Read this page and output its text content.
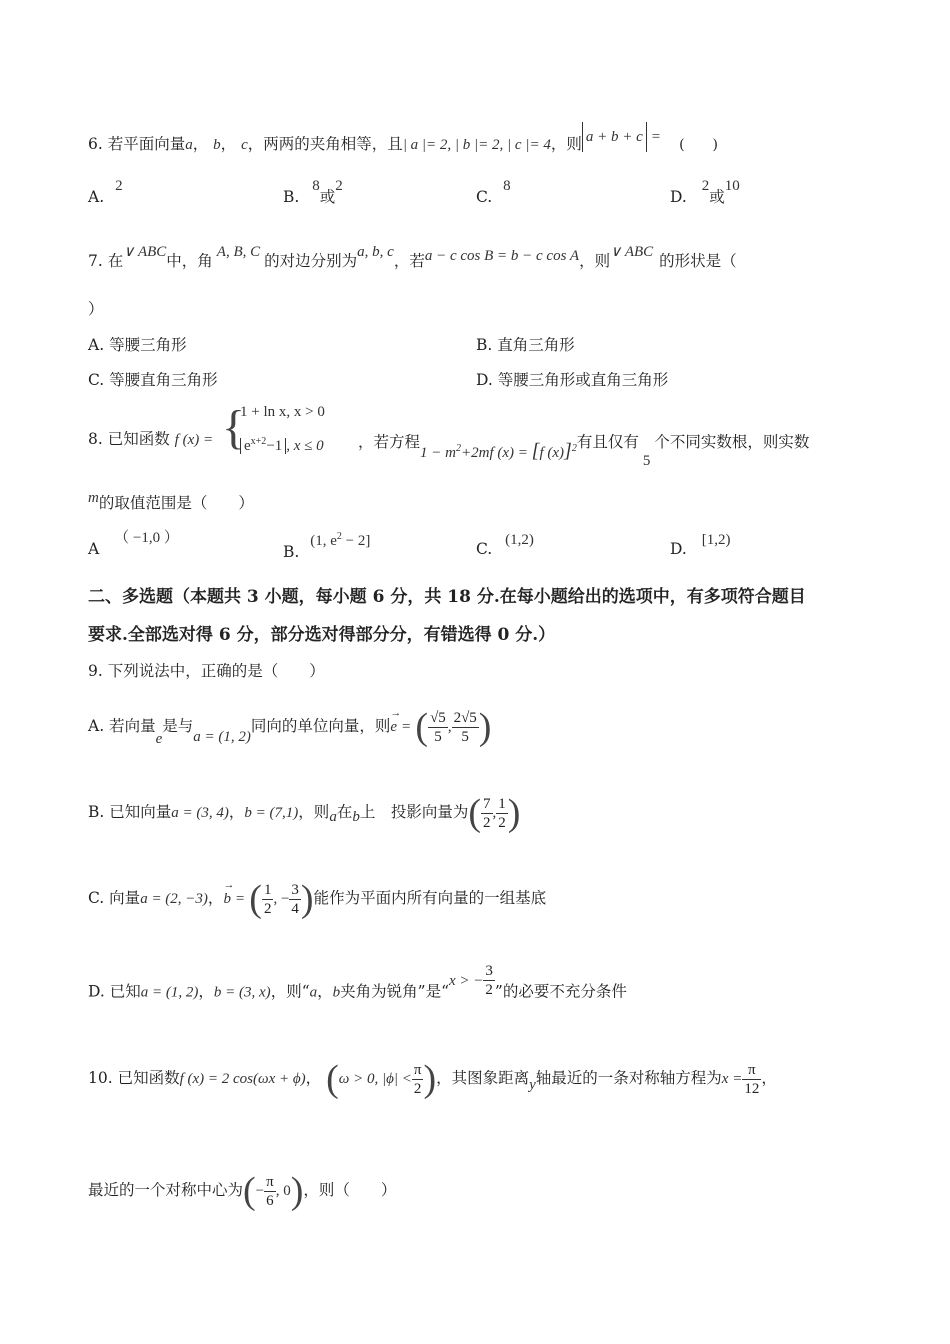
6. 若平面向量a， b， c，两两的夹角相等，且| a |= 2, | b |= 2, | c |= 4，则 a + b + c = (　　)
A. 2
B. 8或2
C. 8
D. 2或10
7. 在∨ ABC中，角 A, B, C 的对边分别为a, b, c，若a − c cos B = b − c cos A，则∨ ABC 的形状是（
）
A. 等腰三角形	B. 直角三角形
C. 等腰直角三角形	D. 等腰三角形或直角三角形
8. 已知函数 f (x) = {
1 + ln x, x > 0
$e^{x+2}-1$ , x ≤ 0 ，若方程$1 - m^2+2mf$ (x) = [f (x)]$^2$有且仅有5个不同实数根，则实数
m的取值范围是（　　）
A （ −1,0 ）
B. (1, $e^2 - 2$]	C. (1,2)	D. [1,2)
二、多选题（本题共 3 小题，每小题 6 分，共 18 分.在每小题给出的选项中，有多项符合题目
要求.全部选对得 6 分，部分选对得部分分，有错选得 0 分.）
9. 下列说法中，正确的是（　　）
A. 若向量e是与a = (1, 2)同向的单位向量，则
→
e = ( $\frac{√5}{5}$ , $\frac{2√5}{5}$ )
B. 已知向量a = (3, 4)，b = (7,1)，则a在b上　投影向量为( $\frac{7}{2}$ , $\frac{1}{2}$ )
C. 向量a = (2, −3)，
→
b = ( $\frac{1}{2}$ , − $\frac{3}{4}$ )能作为平面内所有向量的一组基底
D. 已知a = (1, 2)，b = (3, x)，则“a，b夹角为锐角”是“x > − $\frac{3}{2}$ ”的必要不充分条件
10. 已知函数f (x) = 2 cos(ωx + ϕ)， (ω > 0, $|\phi| < \frac{\pi}{2}$ )，其图象距离y轴最近的一条对称轴方程为$x = \frac{\pi}{12}$ ，
最近的一个对称中心为(− $\frac{\pi}{6}$ , 0)，则（　　）
